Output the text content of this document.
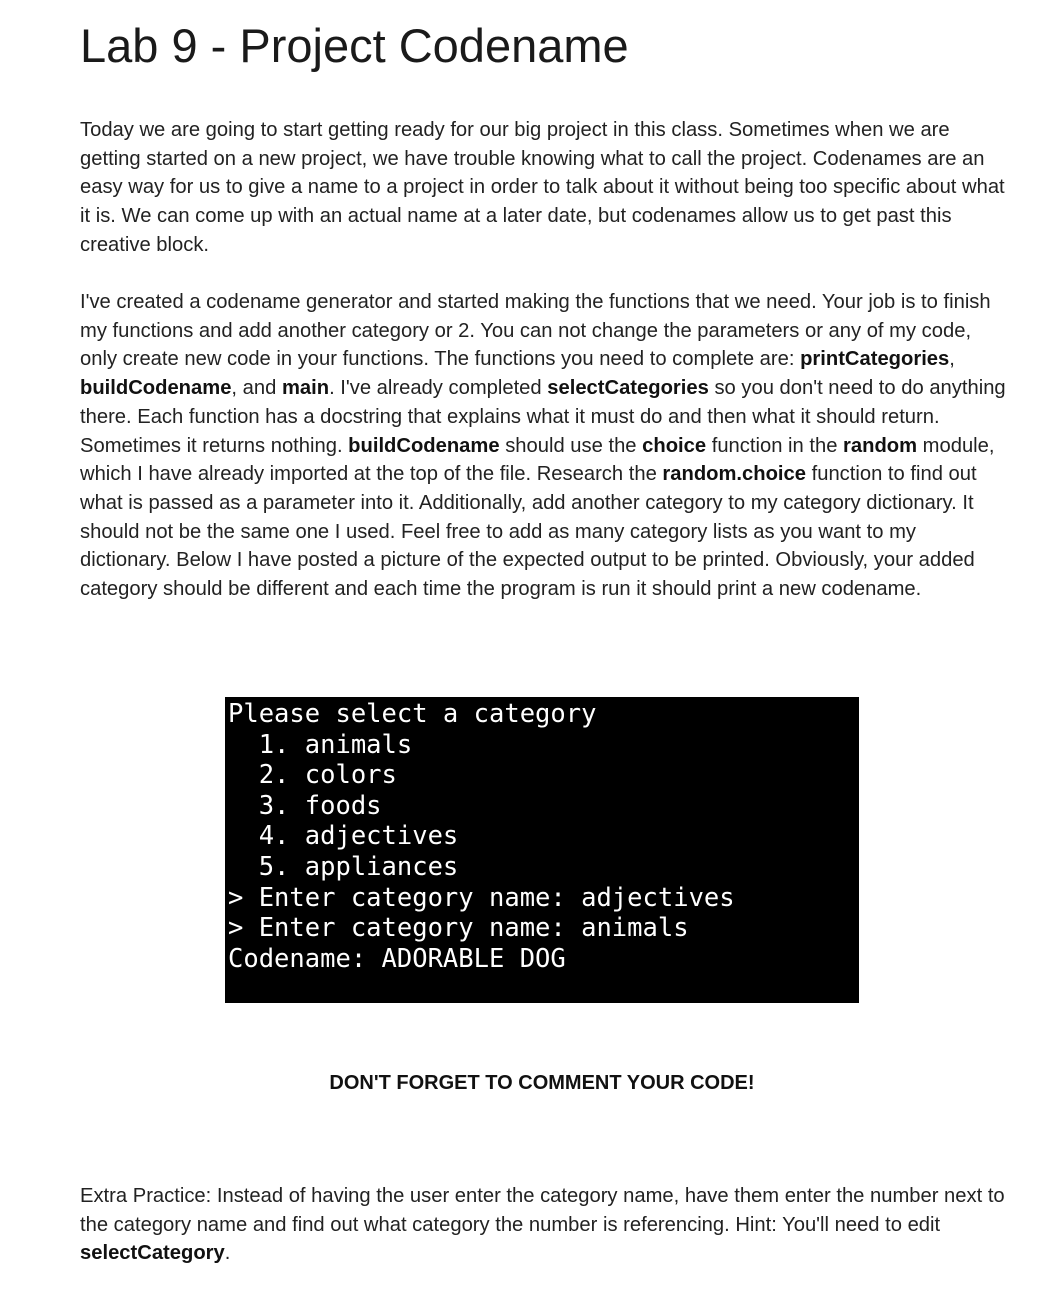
Lab 9 - Project Codename

Today we are going to start getting ready for our big project in this class. Sometimes when we are getting started on a new project, we have trouble knowing what to call the project. Codenames are an easy way for us to give a name to a project in order to talk about it without being too specific about what it is. We can come up with an actual name at a later date, but codenames allow us to get past this creative block.

I've created a codename generator and started making the functions that we need. Your job is to finish my functions and add another category or 2. You can not change the parameters or any of my code, only create new code in your functions. The functions you need to complete are: printCategories, buildCodename, and main. I've already completed selectCategories so you don't need to do anything there. Each function has a docstring that explains what it must do and then what it should return. Sometimes it returns nothing. buildCodename should use the choice function in the random module, which I have already imported at the top of the file. Research the random.choice function to find out what is passed as a parameter into it. Additionally, add another category to my category dictionary. It should not be the same one I used. Feel free to add as many category lists as you want to my dictionary. Below I have posted a picture of the expected output to be printed. Obviously, your added category should be different and each time the program is run it should print a new codename.

Please select a category
1. animals
2. colors
3. foods
4. adjectives
5. appliances
> Enter category name: adjectives
> Enter category name: animals
Codename: ADORABLE DOG

DON'T FORGET TO COMMENT YOUR CODE!

Extra Practice: Instead of having the user enter the category name, have them enter the number next to the category name and find out what category the number is referencing. Hint: You'll need to edit selectCategory.
